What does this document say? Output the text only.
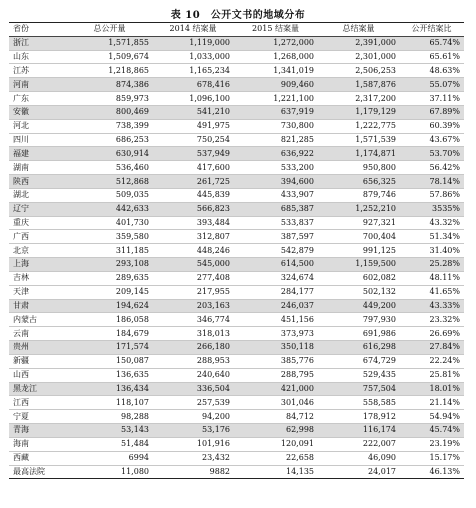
表 10　公开文书的地域分布
省份	总公开量	2014 结案量	2015 结案量	总结案量	公开结案比
浙江	1,571,855	1,119,000	1,272,000	2,391,000	65.74%
山东	1,509,674	1,033,000	1,268,000	2,301,000	65.61%
江苏	1,218,865	1,165,234	1,341,019	2,506,253	48.63%
河南	874,386	678,416	909,460	1,587,876	55.07%
广东	859,973	1,096,100	1,221,100	2,317,200	37.11%
安徽	800,469	541,210	637,919	1,179,129	67.89%
河北	738,399	491,975	730,800	1,222,775	60.39%
四川	686,253	750,254	821,285	1,571,539	43.67%
福建	630,914	537,949	636,922	1,174,871	53.70%
湖南	536,460	417,600	533,200	950,800	56.42%
陕西	512,868	261,725	394,600	656,325	78.14%
湖北	509,035	445,839	433,907	879,746	57.86%
辽宁	442,633	566,823	685,387	1,252,210	3535%
重庆	401,730	393,484	533,837	927,321	43.32%
广西	359,580	312,807	387,597	700,404	51.34%
北京	311,185	448,246	542,879	991,125	31.40%
上海	293,108	545,000	614,500	1,159,500	25.28%
吉林	289,635	277,408	324,674	602,082	48.11%
天津	209,145	217,955	284,177	502,132	41.65%
甘肃	194,624	203,163	246,037	449,200	43.33%
内蒙古	186,058	346,774	451,156	797,930	23.32%
云南	184,679	318,013	373,973	691,986	26.69%
贵州	171,574	266,180	350,118	616,298	27.84%
新疆	150,087	288,953	385,776	674,729	22.24%
山西	136,635	240,640	288,795	529,435	25.81%
黑龙江	136,434	336,504	421,000	757,504	18.01%
江西	118,107	257,539	301,046	558,585	21.14%
宁夏	98,288	94,200	84,712	178,912	54.94%
青海	53,143	53,176	62,998	116,174	45.74%
海南	51,484	101,916	120,091	222,007	23.19%
西藏	6994	23,432	22,658	46,090	15.17%
最高法院	11,080	9882	14,135	24,017	46.13%
